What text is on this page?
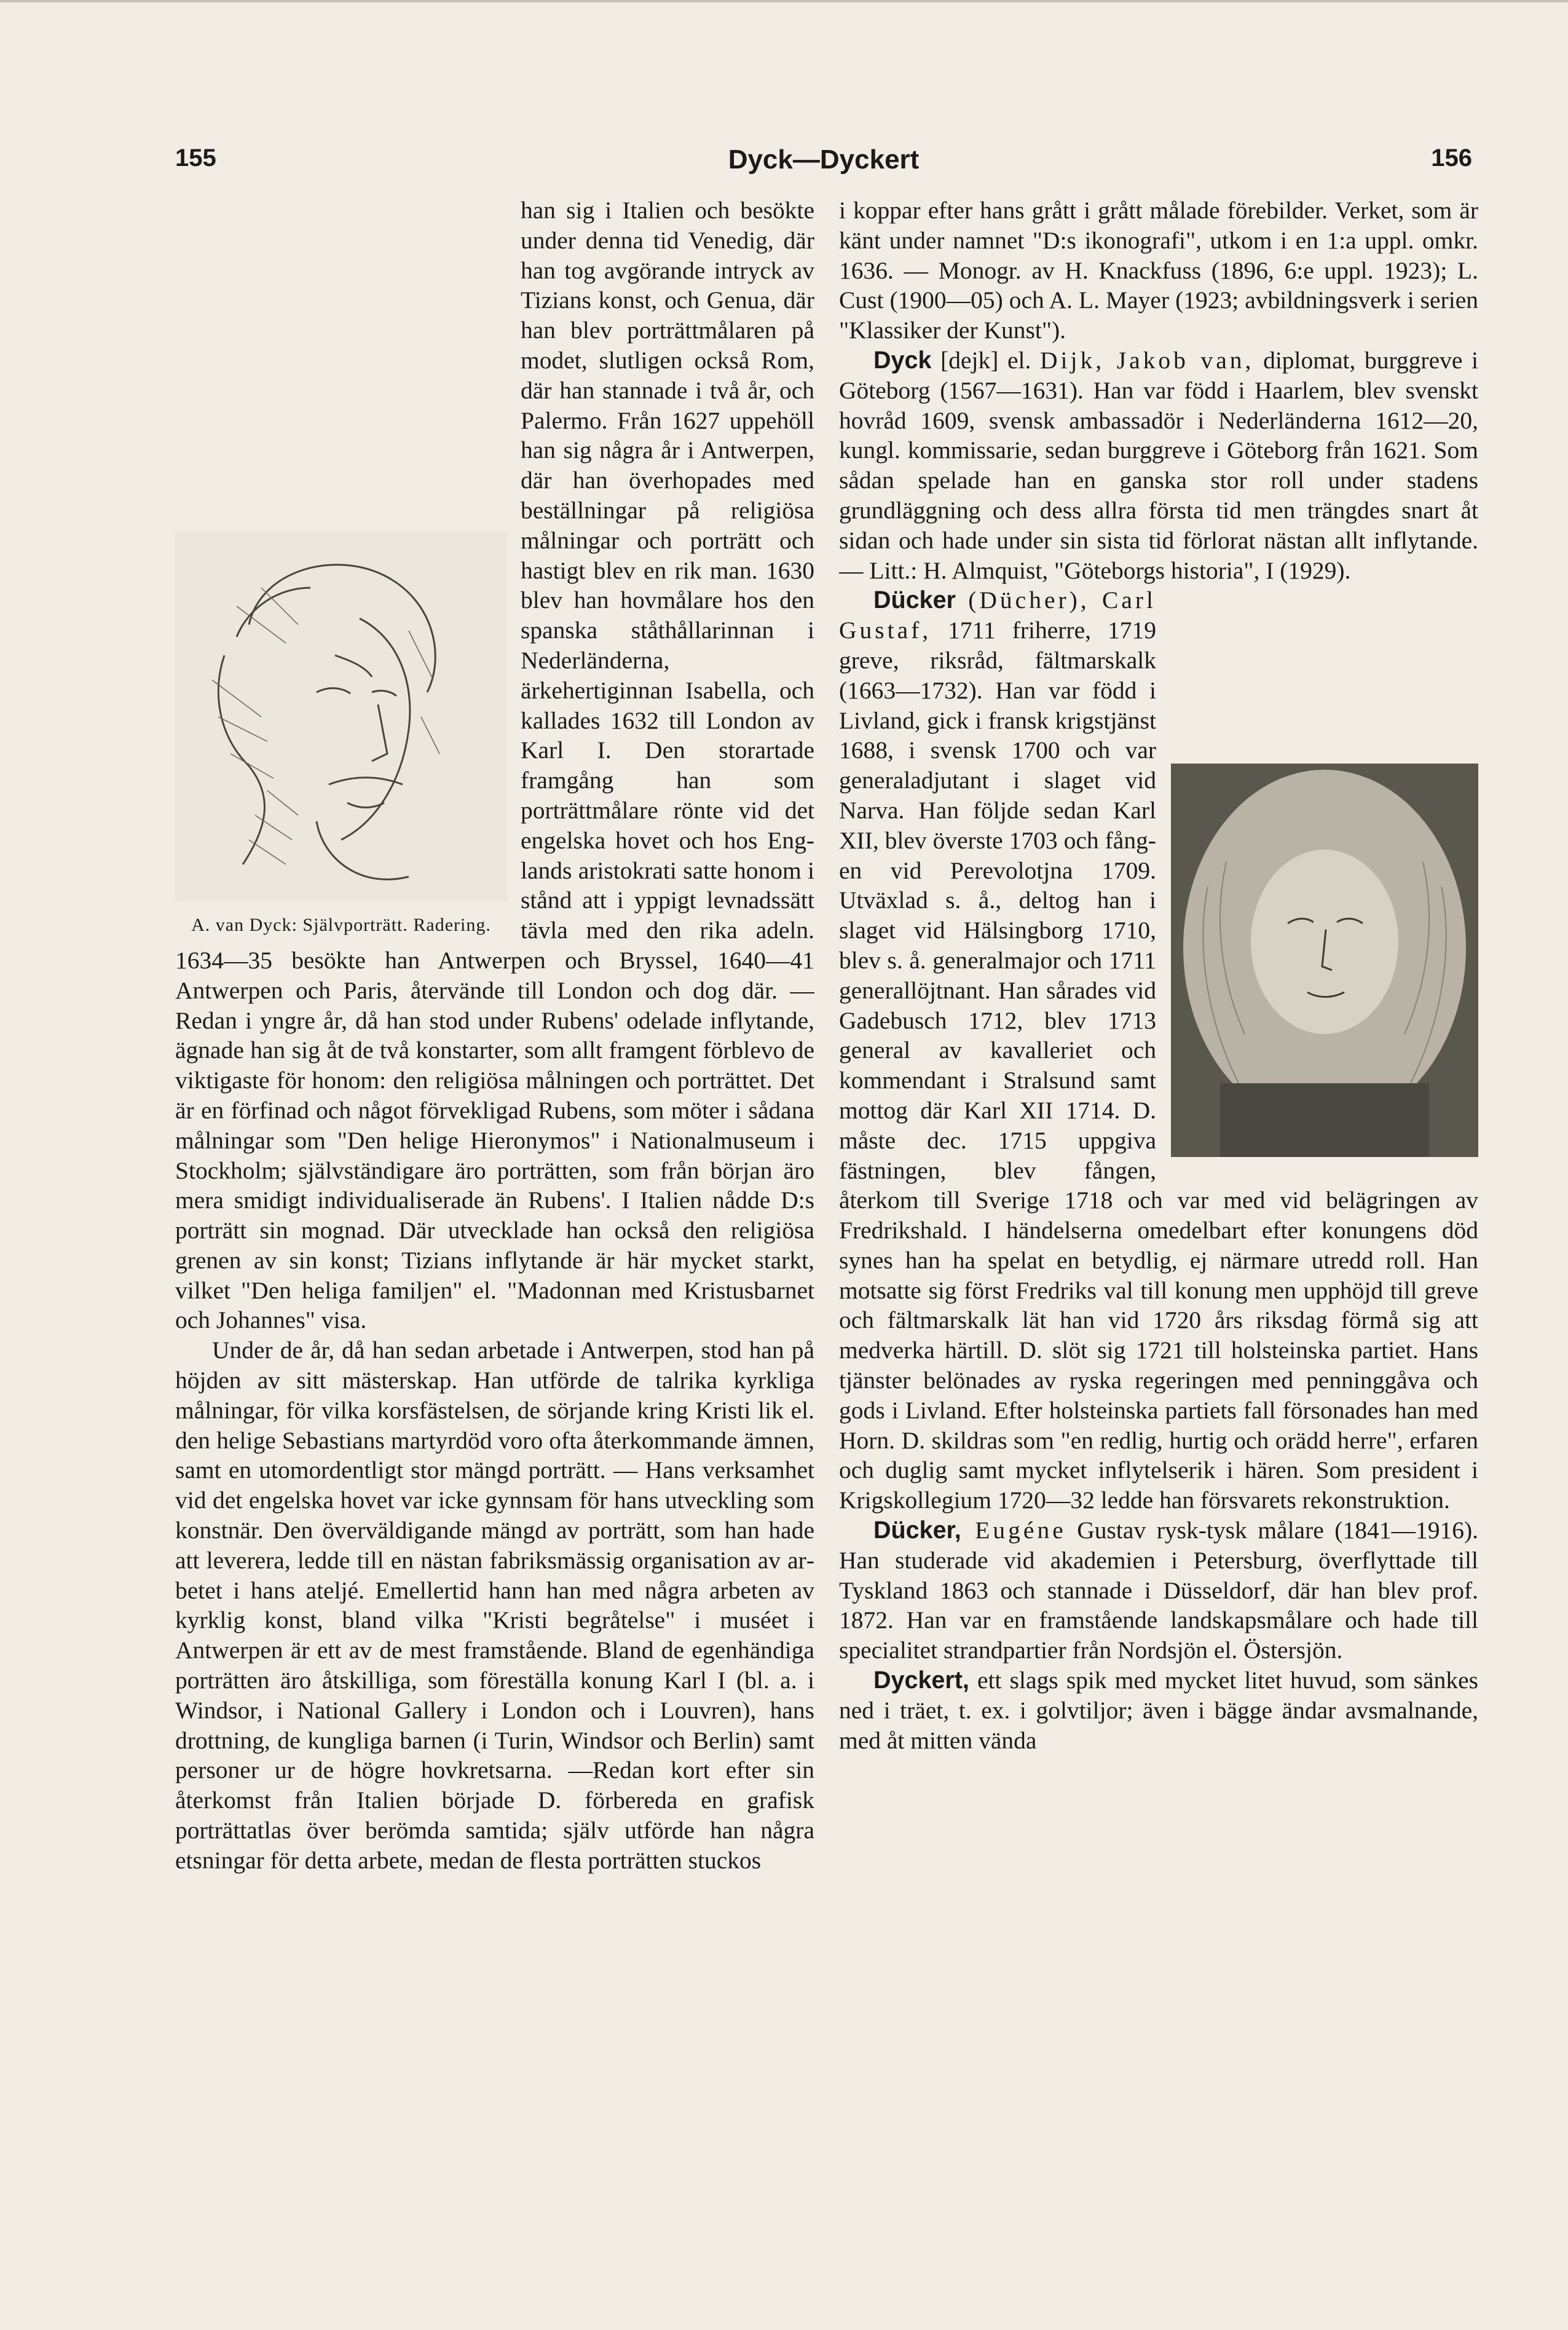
155	Dyck—Dyckert	156
A. van Dyck: Självporträtt. Radering.

han sig i Italien och besökte under denna tid Venedig, där han tog avgörande intryck av Tizians konst, och Genua, där han blev porträttmålaren på modet, slutligen också Rom, där han stannade i två år, och Palermo. Från 1627 uppehöll han sig några år i Antwerpen, där han överhopades med beställningar på religiösa målningar och porträtt och hastigt blev en rik man. 1630 blev han hovmålare hos den spanska ståthållarinnan i Nederländerna, ärkehertiginnan Isabella, och kallades 1632 till London av Karl I. Den storartade framgång han som porträttmålare rönte vid det engelska hovet och hos Englands aristokrati satte honom i stånd att i yppigt levnadssätt tävla med den rika adeln. 1634—35 besökte han Antwerpen och Bryssel, 1640—41 Antwerpen och Paris, återvände till London och dog där. — Redan i yngre år, då han stod under Rubens' odelade inflytande, ägnade han sig åt de två konstarter, som allt framgent förblevo de viktigaste för honom: den religiösa målningen och porträttet. Det är en förfinad och något förvekligad Rubens, som möter i sådana målningar som "Den helige Hieronymos" i Nationalmuseum i Stockholm; självständigare äro porträtten, som från början äro mera smidigt individualiserade än Rubens'. I Italien nådde D:s porträtt sin mognad. Där utvecklade han också den religiösa grenen av sin konst; Tizians inflytande är här mycket starkt, vilket "Den heliga familjen" el. "Madonnan med Kristusbarnet och Johannes" visa.

Under de år, då han sedan arbetade i Antwerpen, stod han på höjden av sitt mästerskap. Han utförde de talrika kyrkliga målningar, för vilka korsfästelsen, de sörjande kring Kristi lik el. den helige Sebastians martyrdöd voro ofta återkommande ämnen, samt en utomordentligt stor mängd porträtt. — Hans verksamhet vid det engelska hovet var icke gynnsam för hans utveckling som konstnär. Den överväldigande mängd av porträtt, som han hade att leverera, ledde till en nästan fabriksmässig organisation av arbetet i hans ateljé. Emellertid hann han med några arbeten av kyrklig konst, bland vilka "Kristi begråtelse" i muséet i Antwerpen är ett av de mest framstående. Bland de egenhändiga porträtten äro åtskilliga, som föreställa konung Karl I (bl. a. i Windsor, i National Gallery i London och i Louvren), hans drottning, de kungliga barnen (i Turin, Windsor och Berlin) samt personer ur de högre hovkretsarna. —Redan kort efter sin återkomst från Italien började D. förbereda en grafisk porträttatlas över berömda samtida; själv utförde han några etsningar för detta arbete, medan de flesta porträtten stuckos

i koppar efter hans grått i grått målade förebilder. Verket, som är känt under namnet "D:s ikonografi", utkom i en 1:a uppl. omkr. 1636. — Monogr. av H. Knackfuss (1896, 6:e uppl. 1923); L. Cust (1900—05) och A. L. Mayer (1923; avbildningsverk i serien "Klassiker der Kunst").

Dyck [dejk] el. Dijk, Jakob van, diplomat, burggreve i Göteborg (1567—1631). Han var född i Haarlem, blev svenskt hovråd 1609, svensk ambassadör i Nederländerna 1612—20, kungl. kommissarie, sedan burggreve i Göteborg från 1621. Som sådan spelade han en ganska stor roll under stadens grundläggning och dess allra första tid men trängdes snart åt sidan och hade under sin sista tid förlorat nästan allt inflytande. — Litt.: H. Almquist, "Göteborgs historia", I (1929).

Dücker (Dücher), Carl Gustaf, 1711 friherre, 1719 greve, riksråd, fältmarskalk (1663—1732). Han var född i Livland, gick i fransk krigstjänst 1688, i svensk 1700 och var generaladjutant i slaget vid Narva. Han följde sedan Karl XII, blev överste 1703 och fången vid Perevolotjna 1709. Utväxlad s. å., deltog han i slaget vid Hälsingborg 1710, blev s. å. generalmajor och 1711 generallöjtnant. Han sårades vid Gadebusch 1712, blev 1713 general av kavalleriet och kommendant i Stralsund samt mottog där Karl XII 1714. D. måste dec. 1715 uppgiva fästningen, blev fången, återkom till Sverige 1718 och var med vid belägringen av Fredrikshald. I händelserna omedelbart efter konungens död synes han ha spelat en betydlig, ej närmare utredd roll. Han motsatte sig först Fredriks val till konung men upphöjd till greve och fältmarskalk lät han vid 1720 års riksdag förmå sig att medverka härtill. D. slöt sig 1721 till holsteinska partiet. Hans tjänster belönades av ryska regeringen med penninggåva och gods i Livland. Efter holsteinska partiets fall försonades han med Horn. D. skildras som "en redlig, hurtig och orädd herre", erfaren och duglig samt mycket inflytelserik i hären. Som president i Krigskollegium 1720—32 ledde han försvarets rekonstruktion.

Dücker, Eugéne Gustav rysk-tysk målare (1841—1916). Han studerade vid akademien i Petersburg, överflyttade till Tyskland 1863 och stannade i Düsseldorf, där han blev prof. 1872. Han var en framstående landskapsmålare och hade till specialitet strandpartier från Nordsjön el. Östersjön.

Dyckert, ett slags spik med mycket litet huvud, som sänkes ned i träet, t. ex. i golvtiljor; även i bägge ändar avsmalnande, med åt mitten vända
